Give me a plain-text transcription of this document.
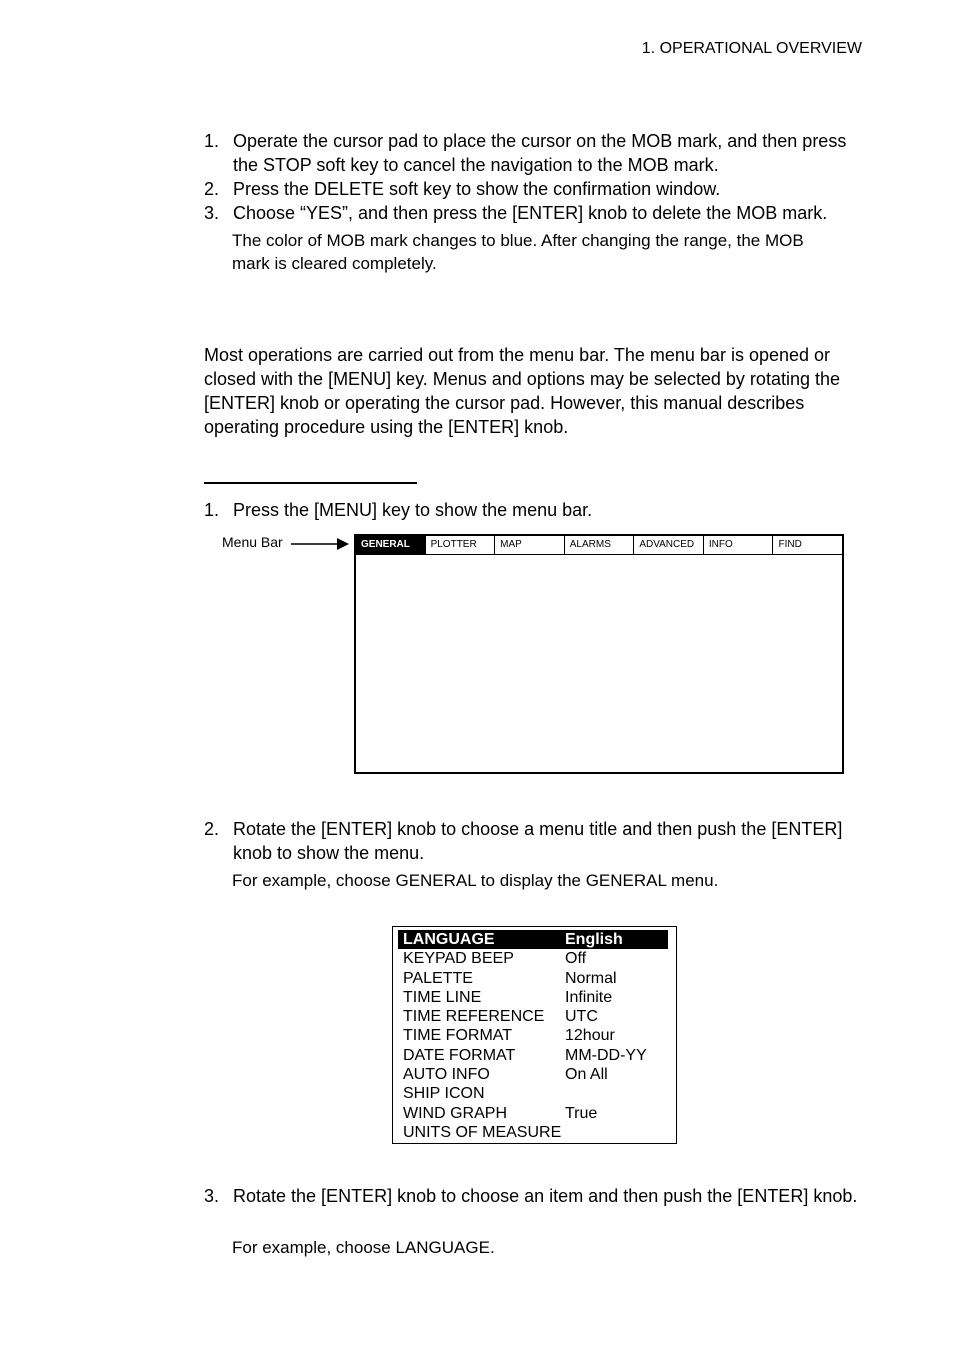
1. OPERATIONAL OVERVIEW
1. Operate the cursor pad to place the cursor on the MOB mark, and then press the STOP soft key to cancel the navigation to the MOB mark.
2. Press the DELETE soft key to show the confirmation window.
3. Choose “YES”, and then press the [ENTER] knob to delete the MOB mark.
The color of MOB mark changes to blue. After changing the range, the MOB mark is cleared completely.
Most operations are carried out from the menu bar. The menu bar is opened or closed with the [MENU] key. Menus and options may be selected by rotating the [ENTER] knob or operating the cursor pad. However, this manual describes operating procedure using the [ENTER] knob.
1. Press the [MENU] key to show the menu bar.
Menu Bar	GENERAL	PLOTTER	MAP	ALARMS	ADVANCED	INFO	FIND
2. Rotate the [ENTER] knob to choose a menu title and then push the [ENTER] knob to show the menu.
For example, choose GENERAL to display the GENERAL menu.
LANGUAGE	English
KEYPAD BEEP	Off
PALETTE	Normal
TIME LINE	Infinite
TIME REFERENCE	UTC
TIME FORMAT	12hour
DATE FORMAT	MM-DD-YY
AUTO INFO	On All
SHIP ICON
WIND GRAPH	True
UNITS OF MEASURE
3. Rotate the [ENTER] knob to choose an item and then push the [ENTER] knob.
For example, choose LANGUAGE.
